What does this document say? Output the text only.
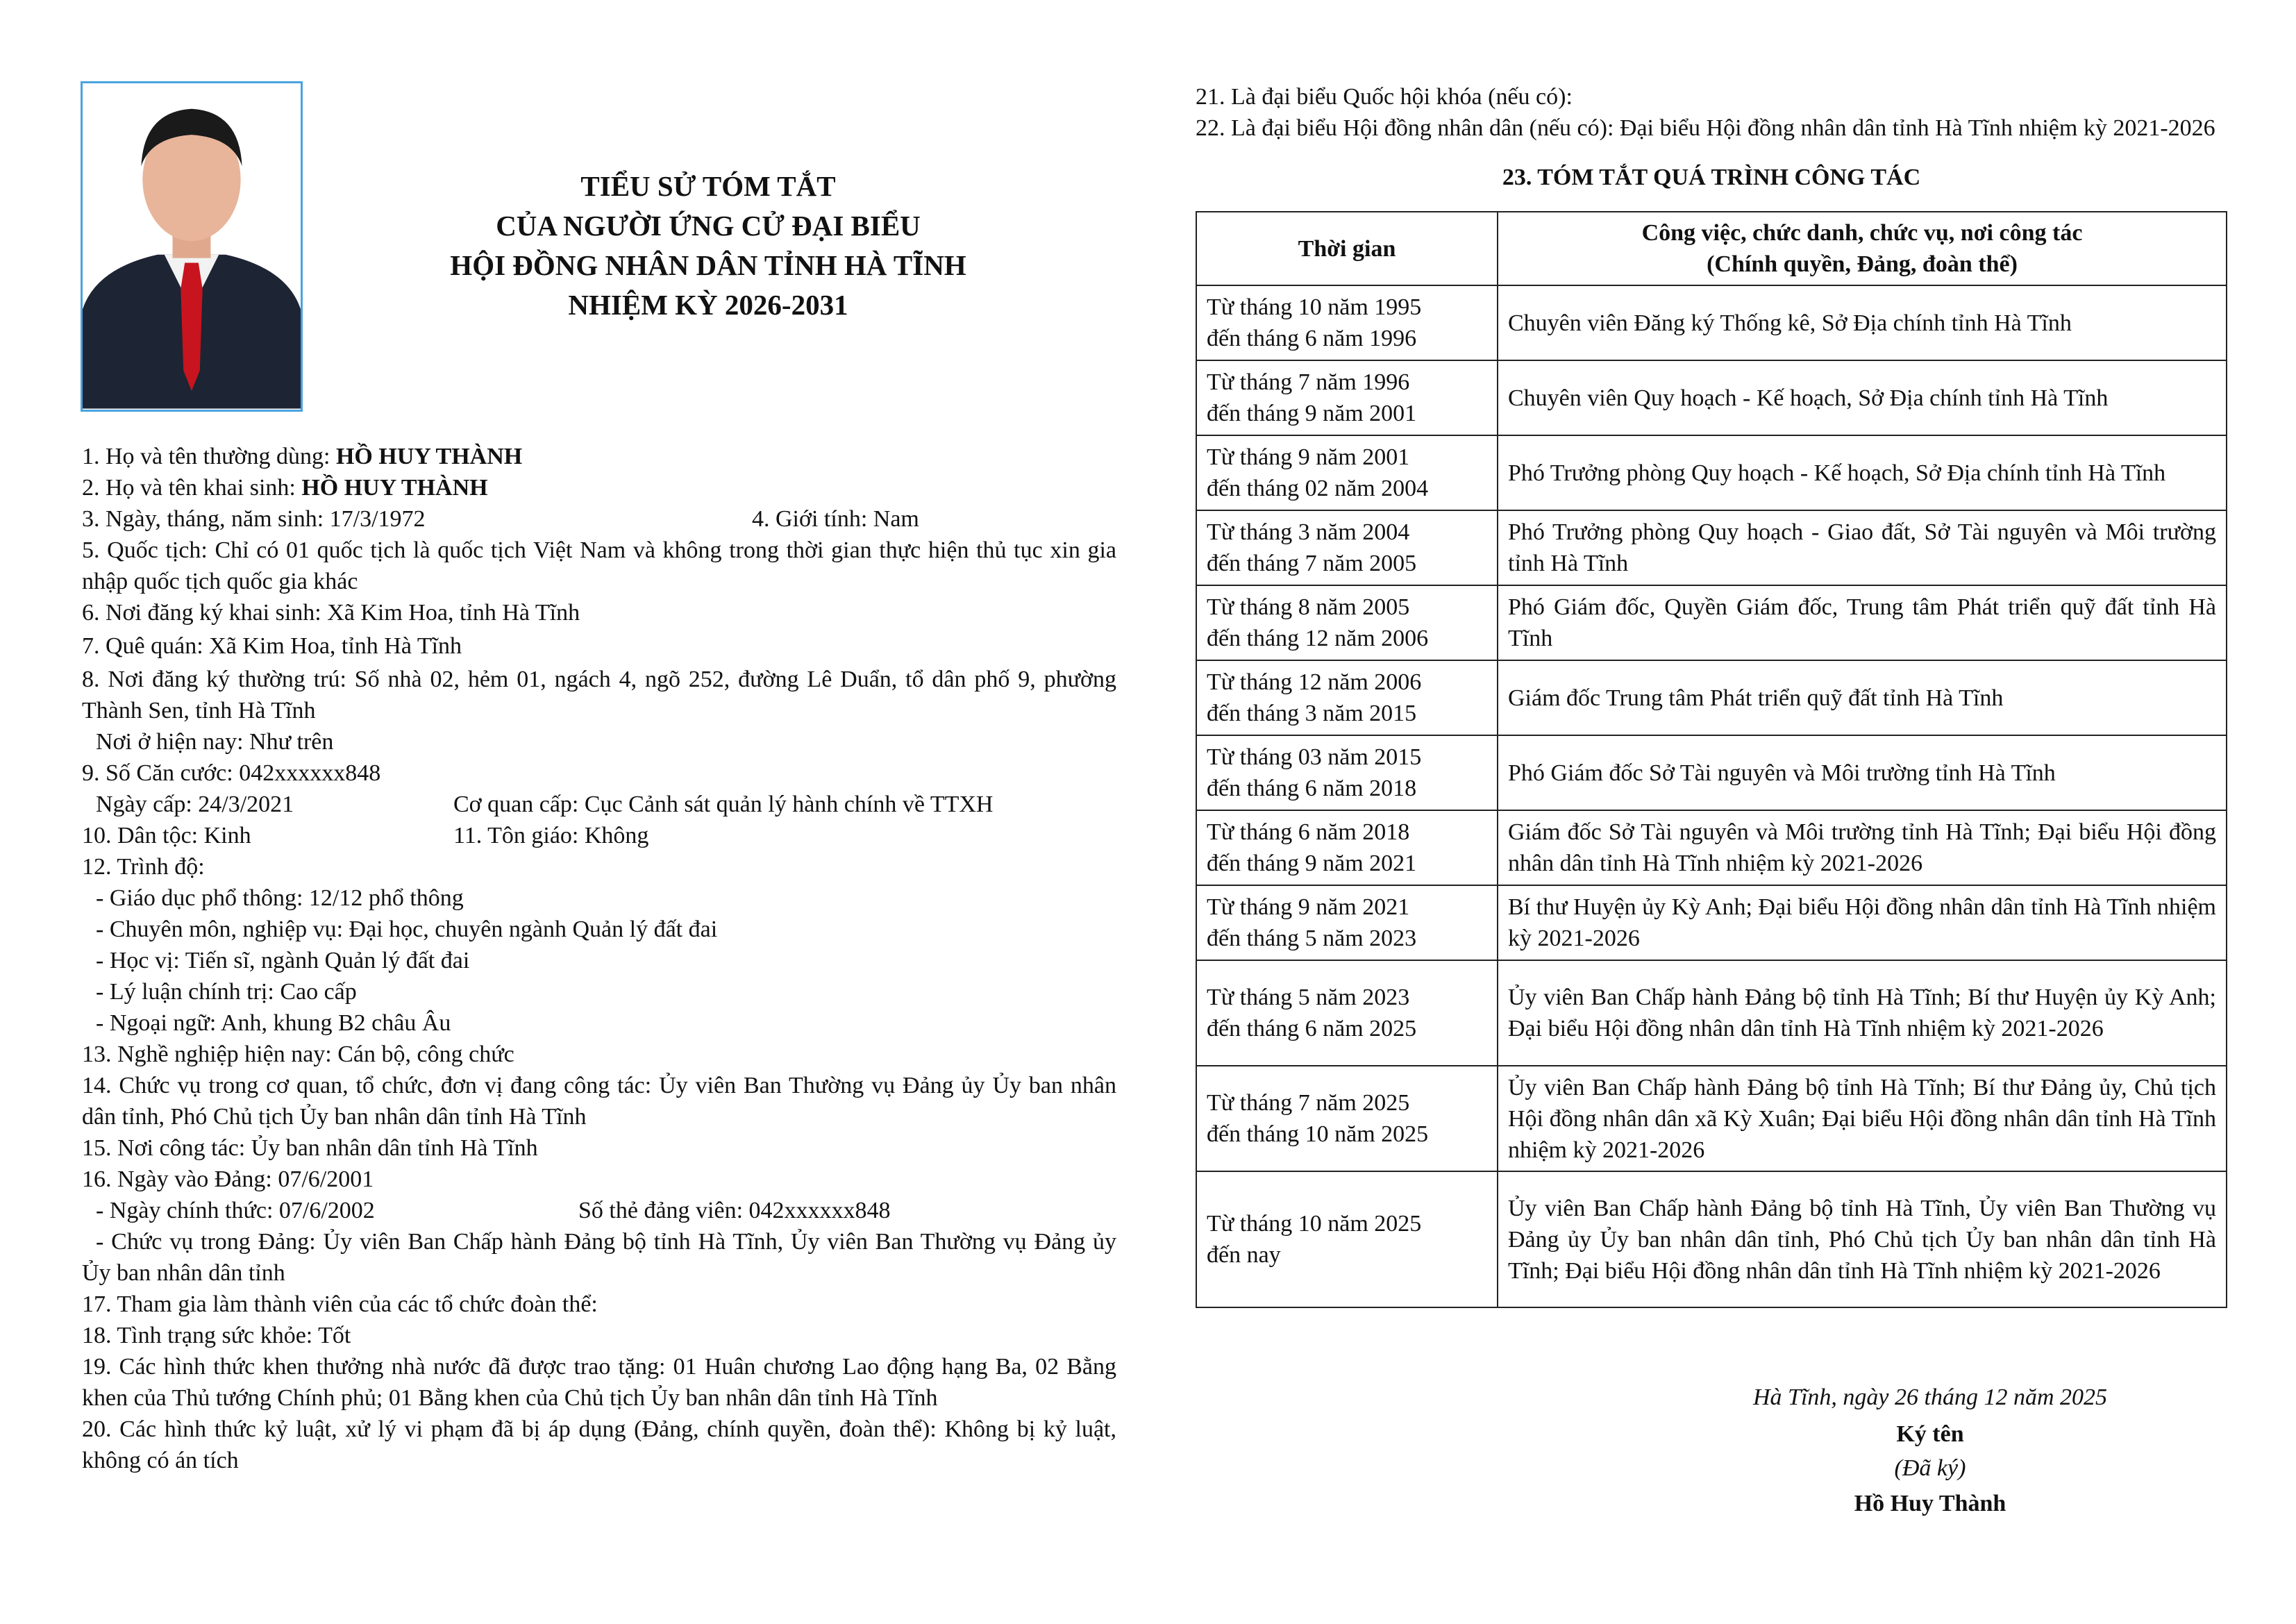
TIỂU SỬ TÓM TẮT
CỦA NGƯỜI ỨNG CỬ ĐẠI BIỂU
HỘI ĐỒNG NHÂN DÂN TỈNH HÀ TĨNH
NHIỆM KỲ 2026-2031
1. Họ và tên thường dùng: HỒ HUY THÀNH
2. Họ và tên khai sinh: HỒ HUY THÀNH
3. Ngày, tháng, năm sinh: 17/3/1972	4. Giới tính: Nam
5. Quốc tịch: Chỉ có 01 quốc tịch là quốc tịch Việt Nam và không trong thời gian thực hiện thủ tục xin gia nhập quốc tịch quốc gia khác
6. Nơi đăng ký khai sinh: Xã Kim Hoa, tỉnh Hà Tĩnh
7. Quê quán: Xã Kim Hoa, tỉnh Hà Tĩnh
8. Nơi đăng ký thường trú: Số nhà 02, hẻm 01, ngách 4, ngõ 252, đường Lê Duẩn, tổ dân phố 9, phường Thành Sen, tỉnh Hà Tĩnh
Nơi ở hiện nay: Như trên
9. Số Căn cước: 042xxxxxx848
Ngày cấp: 24/3/2021	Cơ quan cấp: Cục Cảnh sát quản lý hành chính về TTXH
10. Dân tộc: Kinh	11. Tôn giáo: Không
12. Trình độ:
- Giáo dục phổ thông: 12/12 phổ thông
- Chuyên môn, nghiệp vụ: Đại học, chuyên ngành Quản lý đất đai
- Học vị: Tiến sĩ, ngành Quản lý đất đai
- Lý luận chính trị: Cao cấp
- Ngoại ngữ: Anh, khung B2 châu Âu
13. Nghề nghiệp hiện nay: Cán bộ, công chức
14. Chức vụ trong cơ quan, tổ chức, đơn vị đang công tác: Ủy viên Ban Thường vụ Đảng ủy Ủy ban nhân dân tỉnh, Phó Chủ tịch Ủy ban nhân dân tỉnh Hà Tĩnh
15. Nơi công tác: Ủy ban nhân dân tỉnh Hà Tĩnh
16. Ngày vào Đảng: 07/6/2001
- Ngày chính thức: 07/6/2002	Số thẻ đảng viên: 042xxxxxx848
- Chức vụ trong Đảng: Ủy viên Ban Chấp hành Đảng bộ tỉnh Hà Tĩnh, Ủy viên Ban Thường vụ Đảng ủy Ủy ban nhân dân tỉnh
17. Tham gia làm thành viên của các tổ chức đoàn thể:
18. Tình trạng sức khỏe: Tốt
19. Các hình thức khen thưởng nhà nước đã được trao tặng: 01 Huân chương Lao động hạng Ba, 02 Bằng khen của Thủ tướng Chính phủ; 01 Bằng khen của Chủ tịch Ủy ban nhân dân tỉnh Hà Tĩnh
20. Các hình thức kỷ luật, xử lý vi phạm đã bị áp dụng (Đảng, chính quyền, đoàn thể): Không bị kỷ luật, không có án tích
21. Là đại biểu Quốc hội khóa (nếu có):
22. Là đại biểu Hội đồng nhân dân (nếu có): Đại biểu Hội đồng nhân dân tỉnh Hà Tĩnh nhiệm kỳ 2021-2026
23. TÓM TẮT QUÁ TRÌNH CÔNG TÁC
Thời gian	Công việc, chức danh, chức vụ, nơi công tác
(Chính quyền, Đảng, đoàn thể)

Từ tháng 10 năm 1995
đến tháng 6 năm 1996	Chuyên viên Đăng ký Thống kê, Sở Địa chính tỉnh Hà Tĩnh

Từ tháng 7 năm 1996
đến tháng 9 năm 2001	Chuyên viên Quy hoạch - Kế hoạch, Sở Địa chính tỉnh Hà Tĩnh

Từ tháng 9 năm 2001
đến tháng 02 năm 2004	Phó Trưởng phòng Quy hoạch - Kế hoạch, Sở Địa chính tỉnh Hà Tĩnh

Từ tháng 3 năm 2004
đến tháng 7 năm 2005	Phó Trưởng phòng Quy hoạch - Giao đất, Sở Tài nguyên và Môi trường tỉnh Hà Tĩnh

Từ tháng 8 năm 2005
đến tháng 12 năm 2006	Phó Giám đốc, Quyền Giám đốc, Trung tâm Phát triển quỹ đất tỉnh Hà Tĩnh

Từ tháng 12 năm 2006
đến tháng 3 năm 2015	Giám đốc Trung tâm Phát triển quỹ đất tỉnh Hà Tĩnh

Từ tháng 03 năm 2015
đến tháng 6 năm 2018	Phó Giám đốc Sở Tài nguyên và Môi trường tỉnh Hà Tĩnh

Từ tháng 6 năm 2018
đến tháng 9 năm 2021	Giám đốc Sở Tài nguyên và Môi trường tỉnh Hà Tĩnh; Đại biểu Hội đồng nhân dân tỉnh Hà Tĩnh nhiệm kỳ 2021-2026

Từ tháng 9 năm 2021
đến tháng 5 năm 2023	Bí thư Huyện ủy Kỳ Anh; Đại biểu Hội đồng nhân dân tỉnh Hà Tĩnh nhiệm kỳ 2021-2026

Từ tháng 5 năm 2023
đến tháng 6 năm 2025	Ủy viên Ban Chấp hành Đảng bộ tỉnh Hà Tĩnh; Bí thư Huyện ủy Kỳ Anh; Đại biểu Hội đồng nhân dân tỉnh Hà Tĩnh nhiệm kỳ 2021-2026

Từ tháng 7 năm 2025
đến tháng 10 năm 2025	Ủy viên Ban Chấp hành Đảng bộ tỉnh Hà Tĩnh; Bí thư Đảng ủy, Chủ tịch Hội đồng nhân dân xã Kỳ Xuân; Đại biểu Hội đồng nhân dân tỉnh Hà Tĩnh nhiệm kỳ 2021-2026

Từ tháng 10 năm 2025
đến nay	Ủy viên Ban Chấp hành Đảng bộ tỉnh Hà Tĩnh, Ủy viên Ban Thường vụ Đảng ủy Ủy ban nhân dân tỉnh, Phó Chủ tịch Ủy ban nhân dân tỉnh Hà Tĩnh; Đại biểu Hội đồng nhân dân tỉnh Hà Tĩnh nhiệm kỳ 2021-2026
Hà Tĩnh, ngày 26 tháng 12 năm 2025
Ký tên
(Đã ký)
Hồ Huy Thành
